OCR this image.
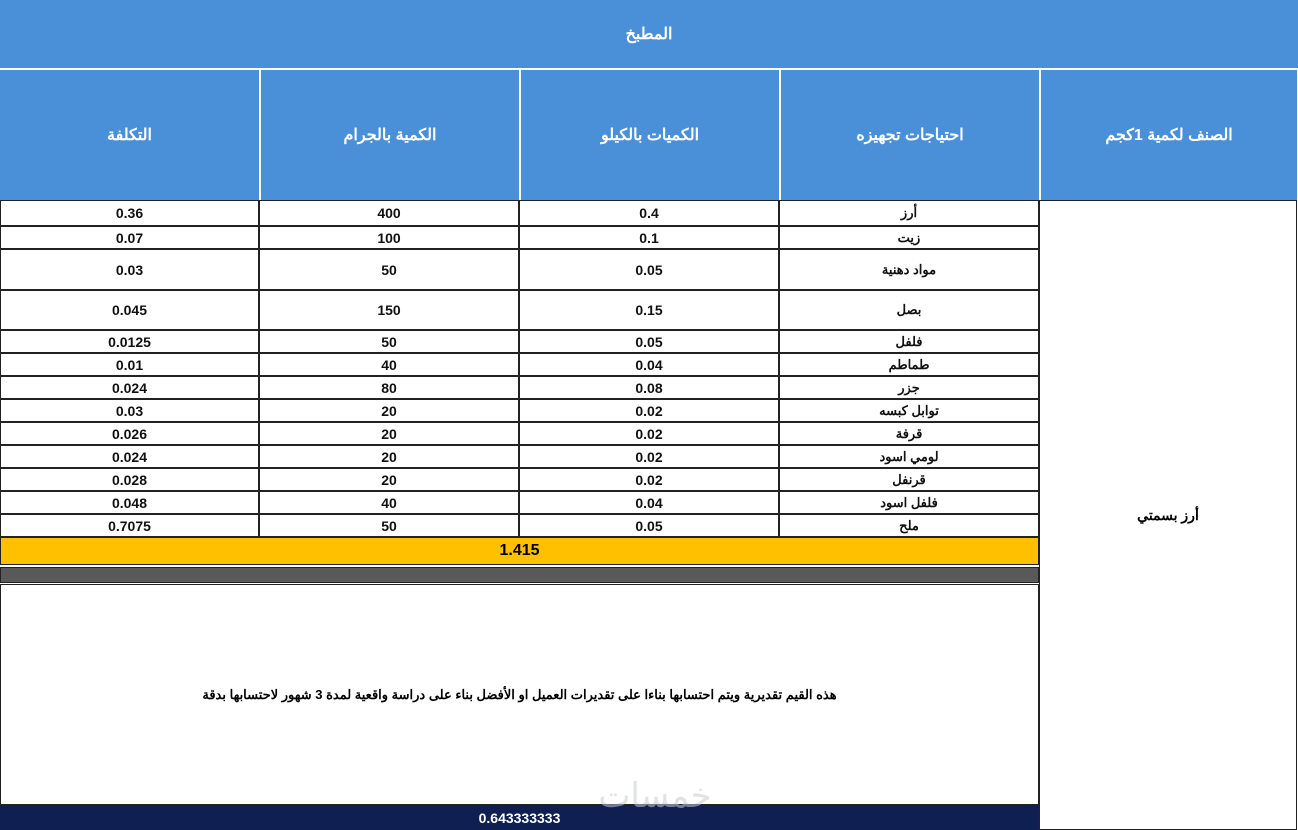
المطبخ
الصنف لكمية 1كجم
احتياجات تجهيزه
الكميات بالكيلو
الكمية بالجرام
التكلفة
أرز بسمتي
أرز
0.4
400
0.36
زيت
0.1
100
0.07
مواد دهنية
0.05
50
0.03
بصل
0.15
150
0.045
فلفل
0.05
50
0.0125
طماطم
0.04
40
0.01
جزر
0.08
80
0.024
توابل كبسه
0.02
20
0.03
قرفة
0.02
20
0.026
لومي اسود
0.02
20
0.024
قرنفل
0.02
20
0.028
فلفل اسود
0.04
40
0.048
ملح
0.05
50
0.7075
1.415
هذه القيم تقديرية ويتم احتسابها بناءا على تقديرات العميل او الأفضل بناء على دراسة واقعية لمدة 3 شهور لاحتسابها بدقة
0.643333333
خمسات
